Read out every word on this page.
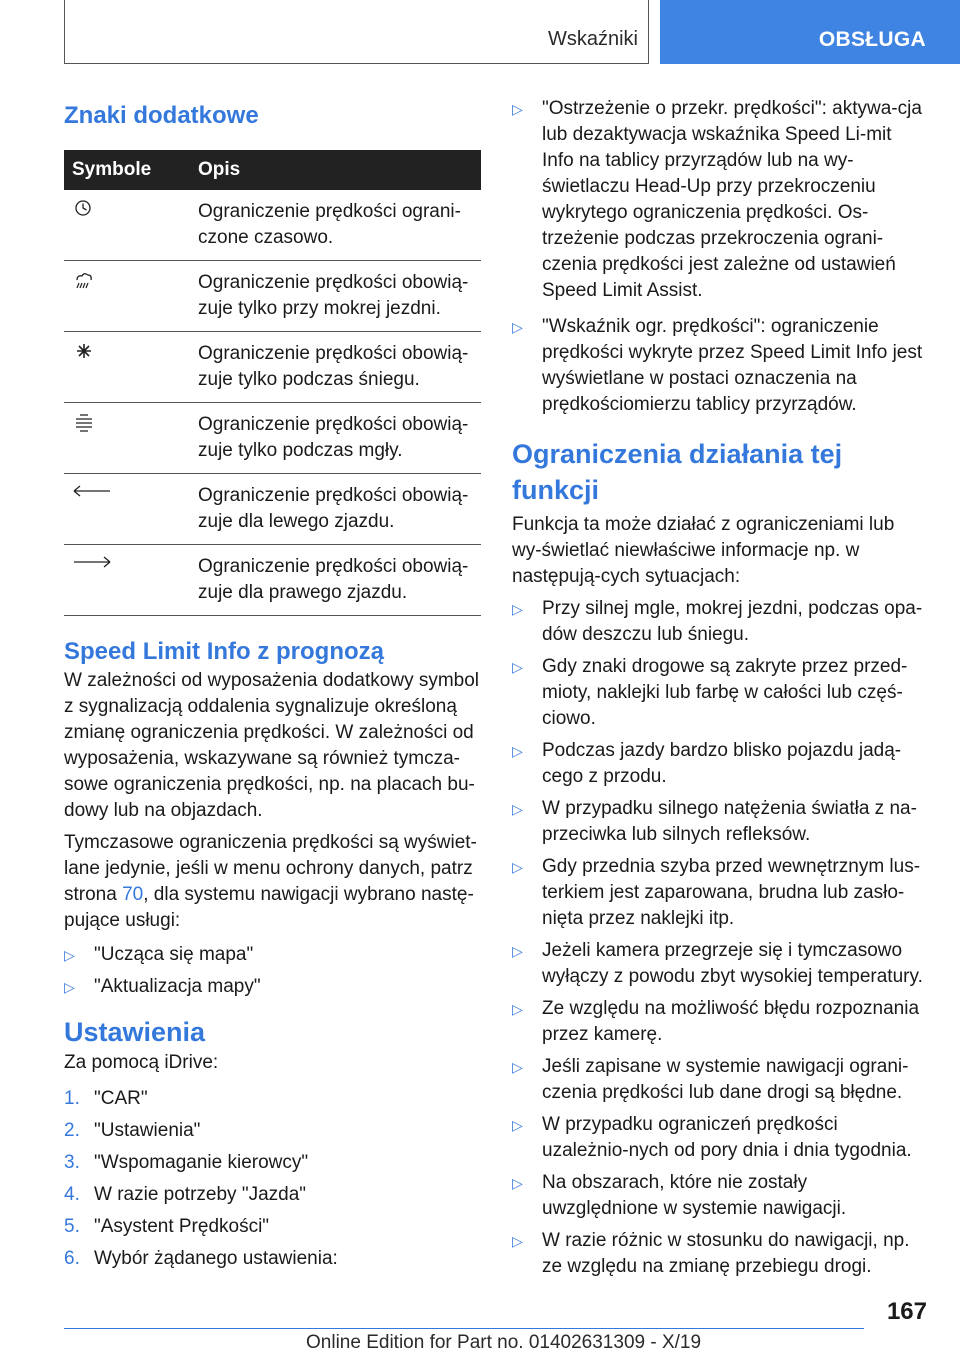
Wskaźniki	OBSŁUGA
Znaki dodatkowe
Symbole	Opis

	Ograniczenie prędkości ograni-czone czasowo.

	Ograniczenie prędkości obowią-zuje tylko przy mokrej jezdni.

	Ograniczenie prędkości obowią-zuje tylko podczas śniegu.

	Ograniczenie prędkości obowią-zuje tylko podczas mgły.

	Ograniczenie prędkości obowią-zuje dla lewego zjazdu.

	Ograniczenie prędkości obowią-zuje dla prawego zjazdu.
Speed Limit Info z prognozą

W zależności od wyposażenia dodatkowy symbol z sygnalizacją oddalenia sygnalizuje określoną zmianę ograniczenia prędkości. W zależności od wyposażenia, wskazywane są również tymcza-sowe ograniczenia prędkości, np. na placach bu-dowy lub na objazdach.

Tymczasowe ograniczenia prędkości są wyświet-lane jedynie, jeśli w menu ochrony danych, patrz strona 70, dla systemu nawigacji wybrano nastę-pujące usługi:

▷ "Ucząca się mapa"
▷ "Aktualizacja mapy"
Ustawienia

Za pomocą iDrive:

1. "CAR"
2. "Ustawienia"
3. "Wspomaganie kierowcy"
4. W razie potrzeby "Jazda"
5. "Asystent Prędkości"
6. Wybór żądanego ustawienia:
▷ "Ostrzeżenie o przekr. prędkości": aktywa-cja lub dezaktywacja wskaźnika Speed Li-mit Info na tablicy przyrządów lub na wy-świetlaczu Head-Up przy przekroczeniu wykrytego ograniczenia prędkości. Os-trzeżenie podczas przekroczenia ograni-czenia prędkości jest zależne od ustawień Speed Limit Assist.
▷ "Wskaźnik ogr. prędkości": ograniczenie prędkości wykryte przez Speed Limit Info jest wyświetlane w postaci oznaczenia na prędkościomierzu tablicy przyrządów.
Ograniczenia działania tej funkcji

Funkcja ta może działać z ograniczeniami lub wy-świetlać niewłaściwe informacje np. w następują-cych sytuacjach:

▷ Przy silnej mgle, mokrej jezdni, podczas opa-dów deszczu lub śniegu.
▷ Gdy znaki drogowe są zakryte przez przed-mioty, naklejki lub farbę w całości lub częś-ciowo.
▷ Podczas jazdy bardzo blisko pojazdu jadą-cego z przodu.
▷ W przypadku silnego natężenia światła z na-przeciwka lub silnych refleksów.
▷ Gdy przednia szyba przed wewnętrznym lus-terkiem jest zaparowana, brudna lub zasło-nięta przez naklejki itp.
▷ Jeżeli kamera przegrzeje się i tymczasowo wyłączy z powodu zbyt wysokiej temperatury.
▷ Ze względu na możliwość błędu rozpoznania przez kamerę.
▷ Jeśli zapisane w systemie nawigacji ograni-czenia prędkości lub dane drogi są błędne.
▷ W przypadku ograniczeń prędkości uzależnio-nych od pory dnia i dnia tygodnia.
▷ Na obszarach, które nie zostały uwzględnione w systemie nawigacji.
▷ W razie różnic w stosunku do nawigacji, np. ze względu na zmianę przebiegu drogi.
167
Online Edition for Part no. 01402631309 - X/19
